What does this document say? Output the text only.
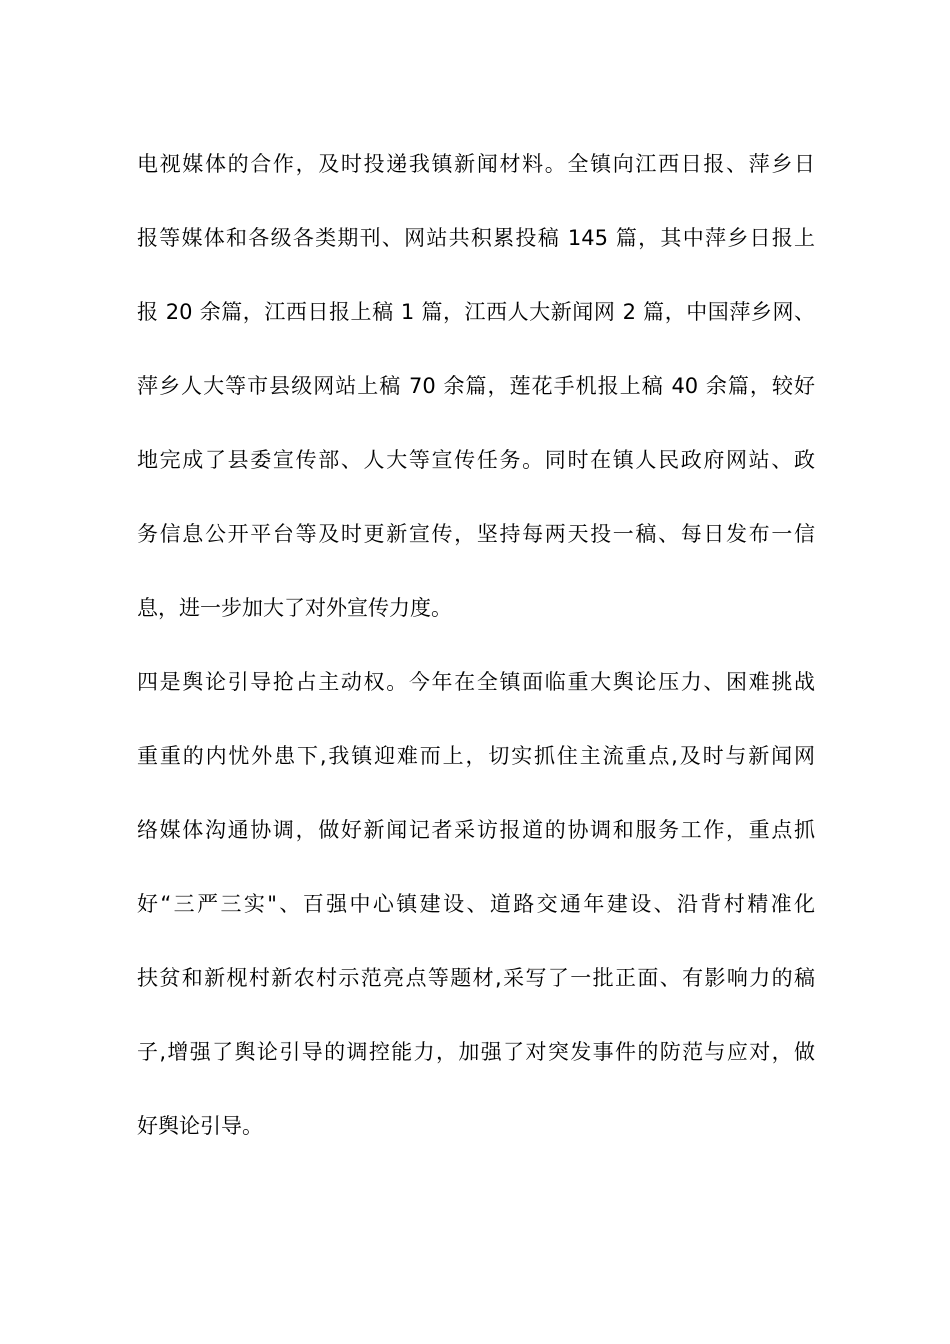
电视媒体的合作，及时投递我镇新闻材料。全镇向江西日报、萍乡日
报等媒体和各级各类期刊、网站共积累投稿 145 篇，其中萍乡日报上
报 20 余篇，江西日报上稿 1 篇，江西人大新闻网 2 篇，中国萍乡网、
萍乡人大等市县级网站上稿 70 余篇，莲花手机报上稿 40 余篇，较好
地完成了县委宣传部、人大等宣传任务。同时在镇人民政府网站、政
务信息公开平台等及时更新宣传，坚持每两天投一稿、每日发布一信
息，进一步加大了对外宣传力度。
四是舆论引导抢占主动权。今年在全镇面临重大舆论压力、困难挑战
重重的内忧外患下,我镇迎难而上，切实抓住主流重点,及时与新闻网
络媒体沟通协调，做好新闻记者采访报道的协调和服务工作，重点抓
好“三严三实"、百强中心镇建设、道路交通年建设、沿背村精准化
扶贫和新枧村新农村示范亮点等题材,采写了一批正面、有影响力的稿
子,增强了舆论引导的调控能力，加强了对突发事件的防范与应对，做
好舆论引导。
